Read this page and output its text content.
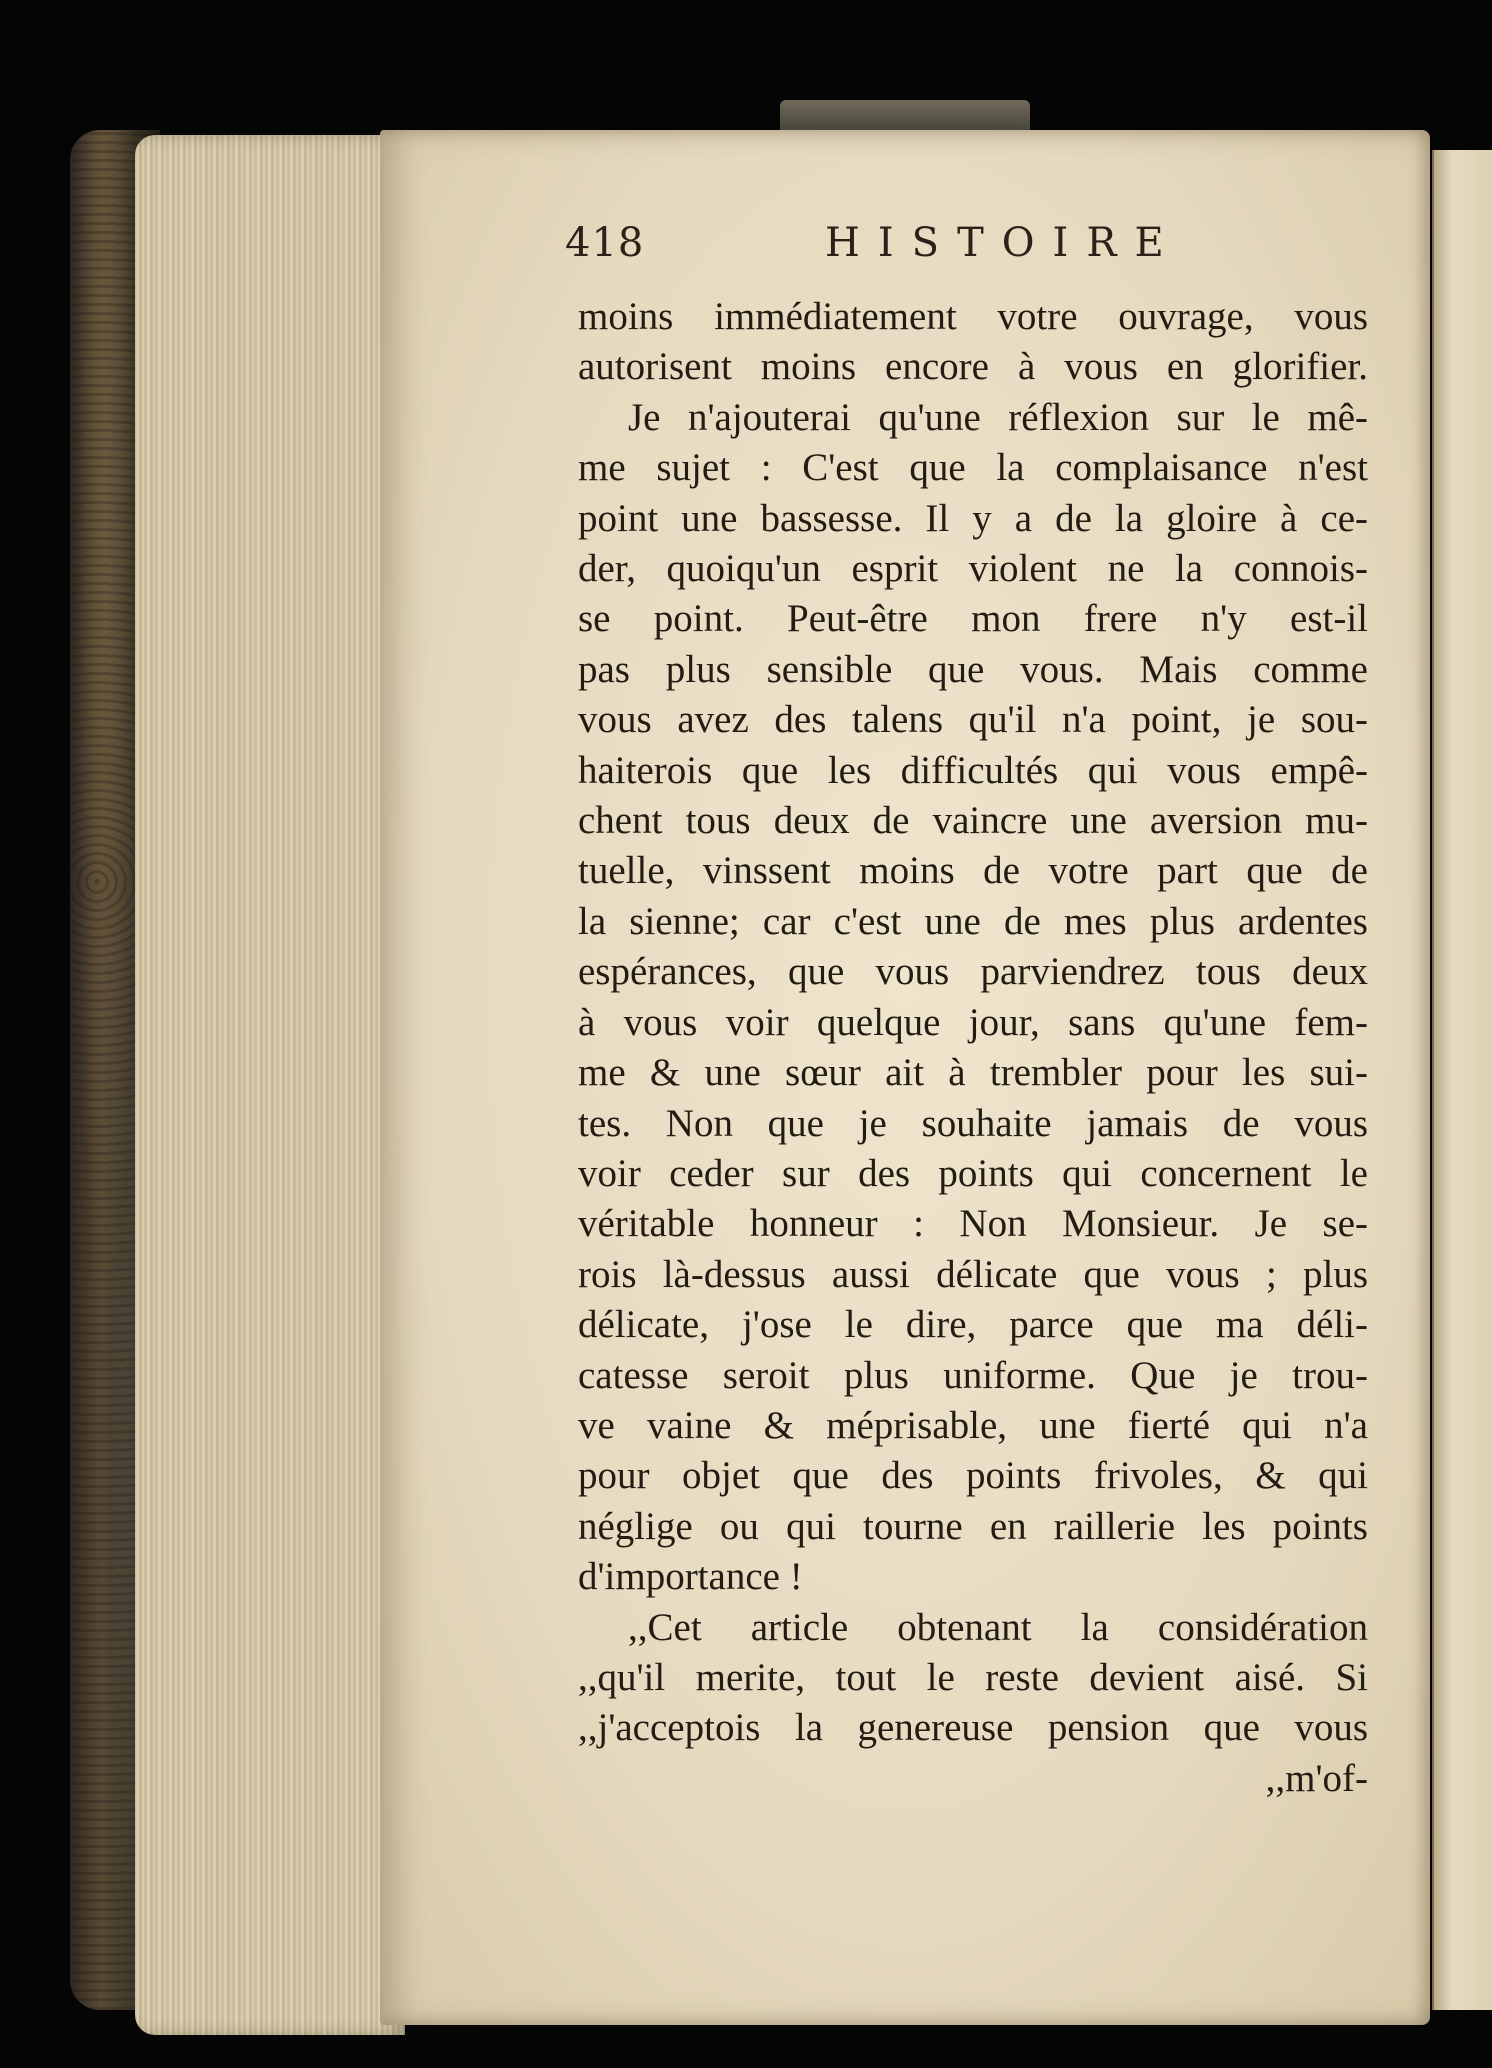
418	HISTOIRE
moins immédiatement votre ouvrage, vous
autorisent moins encore à vous en glorifier.
Je n'ajouterai qu'une réflexion sur le mê-
me sujet : C'est que la complaisance n'est
point une bassesse. Il y a de la gloire à ce-
der, quoiqu'un esprit violent ne la connois-
se point. Peut-être mon frere n'y est-il
pas plus sensible que vous. Mais comme
vous avez des talens qu'il n'a point, je sou-
haiterois que les difficultés qui vous empê-
chent tous deux de vaincre une aversion mu-
tuelle, vinssent moins de votre part que de
la sienne; car c'est une de mes plus ardentes
espérances, que vous parviendrez tous deux
à vous voir quelque jour, sans qu'une fem-
me & une sœur ait à trembler pour les sui-
tes. Non que je souhaite jamais de vous
voir ceder sur des points qui concernent le
véritable honneur : Non Monsieur. Je se-
rois là-dessus aussi délicate que vous ; plus
délicate, j'ose le dire, parce que ma déli-
catesse seroit plus uniforme. Que je trou-
ve vaine & méprisable, une fierté qui n'a
pour objet que des points frivoles, & qui
néglige ou qui tourne en raillerie les points
d'importance !
,,Cet article obtenant la considération
,,qu'il merite, tout le reste devient aisé. Si
,,j'acceptois la genereuse pension que vous
,,m'of-
